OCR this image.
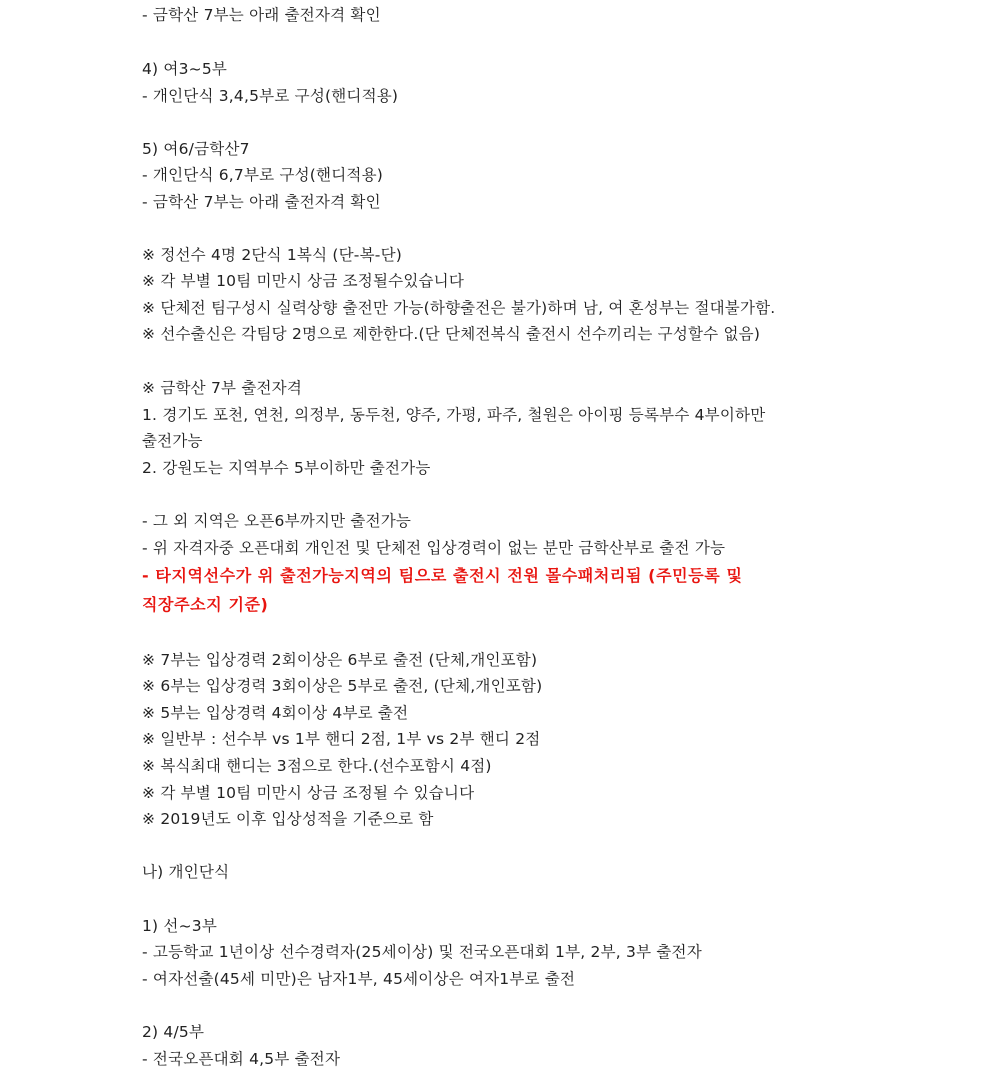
- 금학산 7부는 아래 출전자격 확인
4) 여3~5부
- 개인단식 3,4,5부로 구성(핸디적용)
5) 여6/금학산7
- 개인단식 6,7부로 구성(핸디적용)
- 금학산 7부는 아래 출전자격 확인
※ 정선수 4명 2단식 1복식 (단-복-단)
※ 각 부별 10팀 미만시 상금 조정될수있습니다
※ 단체전 팀구성시 실력상향 출전만 가능(하향출전은 불가)하며 남, 여 혼성부는 절대불가함.
※ 선수출신은 각팀당 2명으로 제한한다.(단 단체전복식 출전시 선수끼리는 구성할수 없음)
※ 금학산 7부 출전자격
1. 경기도 포천, 연천, 의정부, 동두천, 양주, 가평, 파주, 철원은 아이핑 등록부수 4부이하만
출전가능
2. 강원도는 지역부수 5부이하만 출전가능
- 그 외 지역은 오픈6부까지만 출전가능
- 위 자격자중 오픈대회 개인전 및 단체전 입상경력이 없는 분만 금학산부로 출전 가능
- 타지역선수가 위 출전가능지역의 팀으로 출전시 전원 몰수패처리됨 (주민등록 및
직장주소지 기준)
※ 7부는 입상경력 2회이상은 6부로 출전 (단체,개인포함)
※ 6부는 입상경력 3회이상은 5부로 출전, (단체,개인포함)
※ 5부는 입상경력 4회이상 4부로 출전
※ 일반부 : 선수부 vs 1부 핸디 2점, 1부 vs 2부 핸디 2점
※ 복식최대 핸디는 3점으로 한다.(선수포함시 4점)
※ 각 부별 10팀 미만시 상금 조정될 수 있습니다
※ 2019년도 이후 입상성적을 기준으로 함
나) 개인단식
1) 선~3부
- 고등학교 1년이상 선수경력자(25세이상) 및 전국오픈대회 1부, 2부, 3부 출전자
- 여자선출(45세 미만)은 남자1부, 45세이상은 여자1부로 출전
2) 4/5부
- 전국오픈대회 4,5부 출전자
